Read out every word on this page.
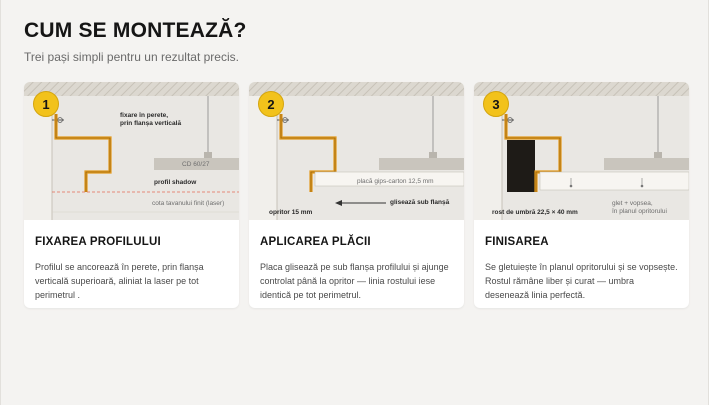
CUM SE MONTEAZĂ?
Trei pași simpli pentru un rezultat precis.
1
fixare în perete,
prin flanșa verticală
CD 60/27
profil shadow
cota tavanului finit (laser)
FIXAREA PROFILULUI
Profilul se ancorează în perete, prin flanșa verticală superioară, aliniat la laser pe tot perimetrul .
2
placă gips-carton 12,5 mm
glisează sub flanșă
opritor 15 mm
APLICAREA PLĂCII
Placa glisează pe sub flanșa profilului și ajunge controlat până la opritor — linia rostului iese identică pe tot perimetrul.
3
rost de umbră 22,5 × 40 mm
glet + vopsea,
în planul opritorului
FINISAREA
Se gletuiește în planul opritorului și se vopsește. Rostul rămâne liber și curat — umbra desenează linia perfectă.
